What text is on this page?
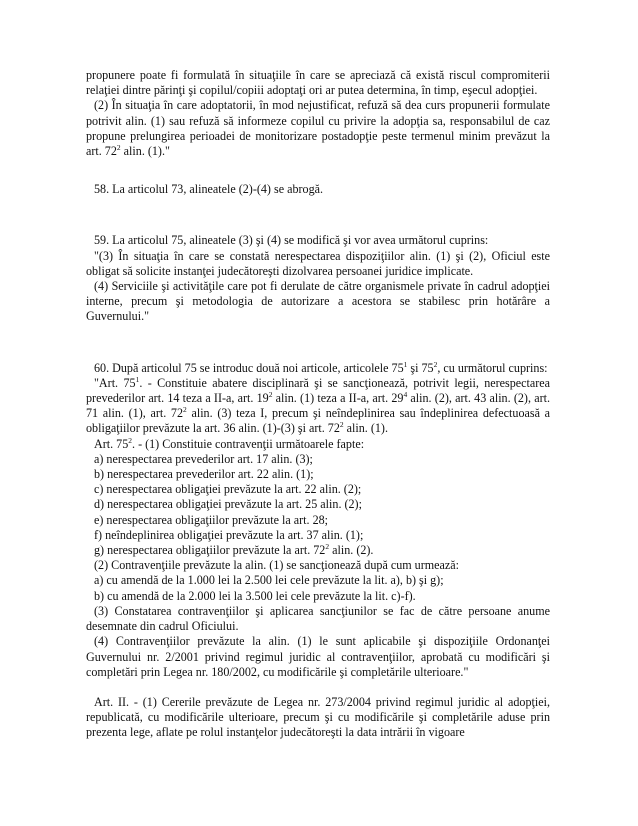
propunere poate fi formulată în situaţiile în care se apreciază că există riscul compromiterii relaţiei dintre părinţi şi copilul/copiii adoptaţi ori ar putea determina, în timp, eşecul adopţiei.

(2) În situaţia în care adoptatorii, în mod nejustificat, refuză să dea curs propunerii formulate potrivit alin. (1) sau refuză să informeze copilul cu privire la adopţia sa, responsabilul de caz propune prelungirea perioadei de monitorizare postadopţie peste termenul minim prevăzut la art. $72^2$ alin. (1)."

58. La articolul 73, alineatele (2)-(4) se abrogă.

59. La articolul 75, alineatele (3) şi (4) se modifică şi vor avea următorul cuprins:

"(3) În situaţia în care se constată nerespectarea dispoziţiilor alin. (1) şi (2), Oficiul este obligat să solicite instanţei judecătoreşti dizolvarea persoanei juridice implicate.

(4) Serviciile şi activităţile care pot fi derulate de către organismele private în cadrul adopţiei interne, precum şi metodologia de autorizare a acestora se stabilesc prin hotărâre a Guvernului."

60. După articolul 75 se introduc două noi articole, articolele $75^1$ şi $75^2$, cu următorul cuprins:

"Art. $75^1$. - Constituie abatere disciplinară şi se sancţionează, potrivit legii, nerespectarea prevederilor art. 14 teza a II-a, art. $19^2$ alin. (1) teza a II-a, art. $29^4$ alin. (2), art. 43 alin. (2), art. 71 alin. (1), art. $72^2$ alin. (3) teza I, precum şi neîndeplinirea sau îndeplinirea defectuoasă a obligaţiilor prevăzute la art. 36 alin. (1)-(3) şi art. $72^2$ alin. (1).

Art. $75^2$. - (1) Constituie contravenţii următoarele fapte:

a) nerespectarea prevederilor art. 17 alin. (3);

b) nerespectarea prevederilor art. 22 alin. (1);

c) nerespectarea obligaţiei prevăzute la art. 22 alin. (2);

d) nerespectarea obligaţiei prevăzute la art. 25 alin. (2);

e) nerespectarea obligaţiilor prevăzute la art. 28;

f) neîndeplinirea obligaţiei prevăzute la art. 37 alin. (1);

g) nerespectarea obligaţiilor prevăzute la art. $72^2$ alin. (2).

(2) Contravenţiile prevăzute la alin. (1) se sancţionează după cum urmează:

a) cu amendă de la 1.000 lei la 2.500 lei cele prevăzute la lit. a), b) şi g);

b) cu amendă de la 2.000 lei la 3.500 lei cele prevăzute la lit. c)-f).

(3) Constatarea contravenţiilor şi aplicarea sancţiunilor se fac de către persoane anume desemnate din cadrul Oficiului.

(4) Contravenţiilor prevăzute la alin. (1) le sunt aplicabile şi dispoziţiile Ordonanţei Guvernului nr. 2/2001 privind regimul juridic al contravenţiilor, aprobată cu modificări şi completări prin Legea nr. 180/2002, cu modificările şi completările ulterioare."

Art. II. - (1) Cererile prevăzute de Legea nr. 273/2004 privind regimul juridic al adopţiei, republicată, cu modificările ulterioare, precum şi cu modificările şi completările aduse prin prezenta lege, aflate pe rolul instanţelor judecătoreşti la data intrării în vigoare
